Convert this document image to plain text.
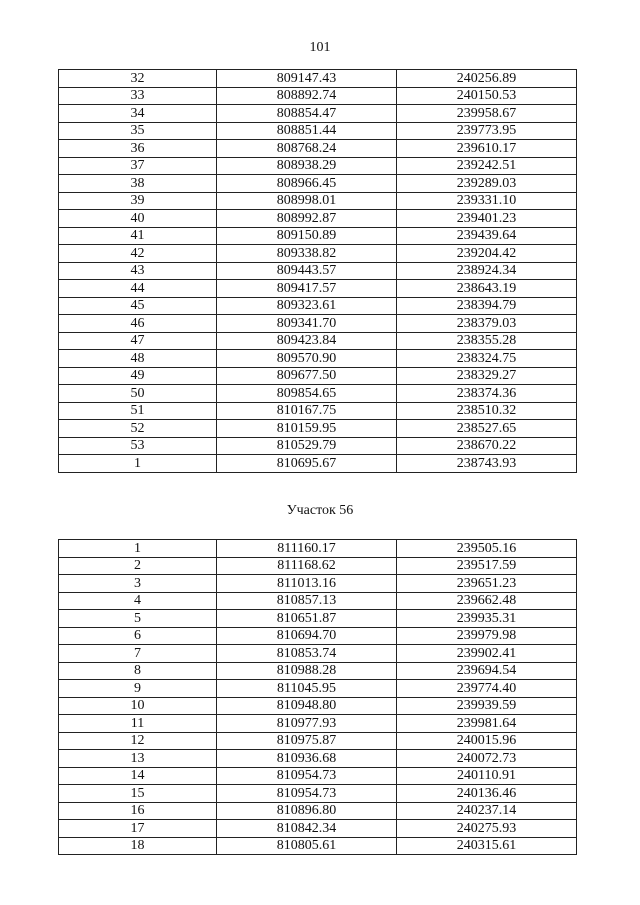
101
32	809147.43	240256.89
33	808892.74	240150.53
34	808854.47	239958.67
35	808851.44	239773.95
36	808768.24	239610.17
37	808938.29	239242.51
38	808966.45	239289.03
39	808998.01	239331.10
40	808992.87	239401.23
41	809150.89	239439.64
42	809338.82	239204.42
43	809443.57	238924.34
44	809417.57	238643.19
45	809323.61	238394.79
46	809341.70	238379.03
47	809423.84	238355.28
48	809570.90	238324.75
49	809677.50	238329.27
50	809854.65	238374.36
51	810167.75	238510.32
52	810159.95	238527.65
53	810529.79	238670.22
1	810695.67	238743.93
Участок 56
1	811160.17	239505.16
2	811168.62	239517.59
3	811013.16	239651.23
4	810857.13	239662.48
5	810651.87	239935.31
6	810694.70	239979.98
7	810853.74	239902.41
8	810988.28	239694.54
9	811045.95	239774.40
10	810948.80	239939.59
11	810977.93	239981.64
12	810975.87	240015.96
13	810936.68	240072.73
14	810954.73	240110.91
15	810954.73	240136.46
16	810896.80	240237.14
17	810842.34	240275.93
18	810805.61	240315.61
